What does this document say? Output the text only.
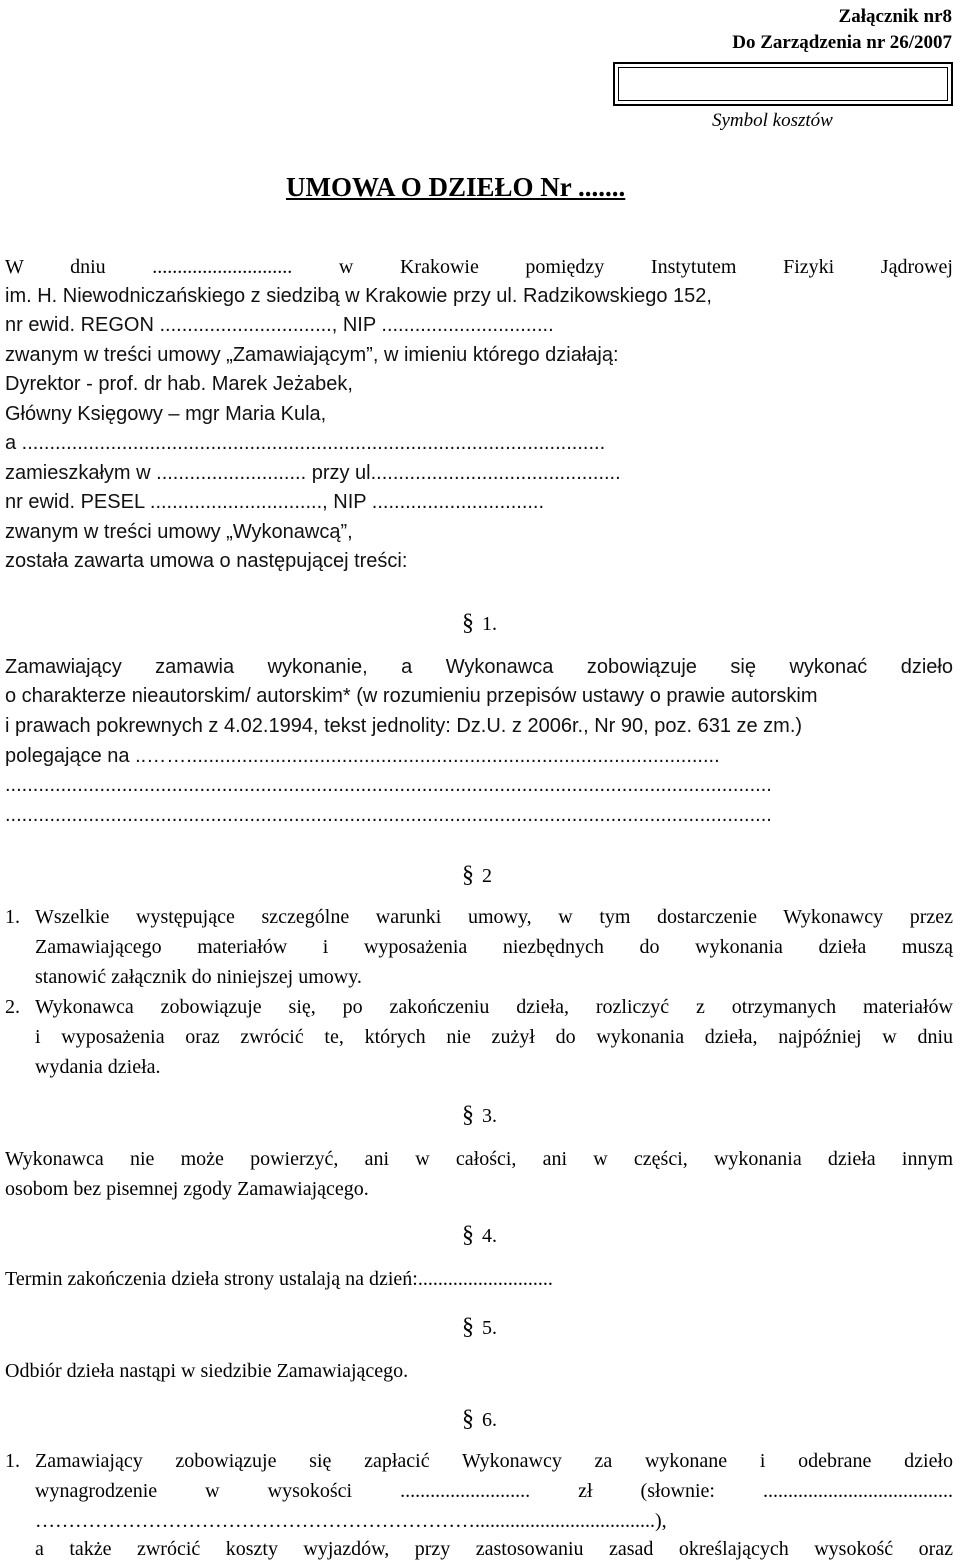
Załącznik nr8
Do Zarządzenia nr 26/2007
Symbol kosztów
UMOWA O DZIEŁO Nr .......
W dniu ............................ w Krakowie pomiędzy Instytutem Fizyki Jądrowej
im. H. Niewodniczańskiego z siedzibą w Krakowie przy ul. Radzikowskiego 152,
nr ewid. REGON ..............................., NIP ...............................
zwanym w treści umowy „Zamawiającym”, w imieniu którego działają:
Dyrektor - prof. dr hab. Marek Jeżabek,
Główny Księgowy – mgr Maria Kula,
a .........................................................................................................
zamieszkałym w ........................... przy ul.............................................
nr ewid. PESEL ..............................., NIP ...............................
zwanym w treści umowy „Wykonawcą”,
została zawarta umowa o następującej treści:
§ 1.
Zamawiający zamawia wykonanie, a Wykonawca zobowiązuje się wykonać dzieło
o charakterze nieautorskim/ autorskim* (w rozumieniu przepisów ustawy o prawie autorskim
i prawach pokrewnych z 4.02.1994, tekst jednolity: Dz.U. z 2006r., Nr 90, poz. 631 ze zm.)
polegające na ..……................................................................................................
..........................................................................................................................................
..........................................................................................................................................
§ 2
1. Wszelkie występujące szczególne warunki umowy, w tym dostarczenie Wykonawcy przez
Zamawiającego materiałów i wyposażenia niezbędnych do wykonania dzieła muszą
stanowić załącznik do niniejszej umowy.
2. Wykonawca zobowiązuje się, po zakończeniu dzieła, rozliczyć z otrzymanych materiałów
i wyposażenia oraz zwrócić te, których nie zużył do wykonania dzieła, najpóźniej w dniu
wydania dzieła.
§ 3.
Wykonawca nie może powierzyć, ani w całości, ani w części, wykonania dzieła innym
osobom bez pisemnej zgody Zamawiającego.
§ 4.
Termin zakończenia dzieła strony ustalają na dzień:...........................
§ 5.
Odbiór dzieła nastąpi w siedzibie Zamawiającego.
§ 6.
1. Zamawiający zobowiązuje się zapłacić Wykonawcy za wykonane i odebrane dzieło
wynagrodzenie w wysokości .......................... zł (słownie: ......................................
…………………………………………………………....................................),
a także zwrócić koszty wyjazdów, przy zastosowaniu zasad określających wysokość oraz
